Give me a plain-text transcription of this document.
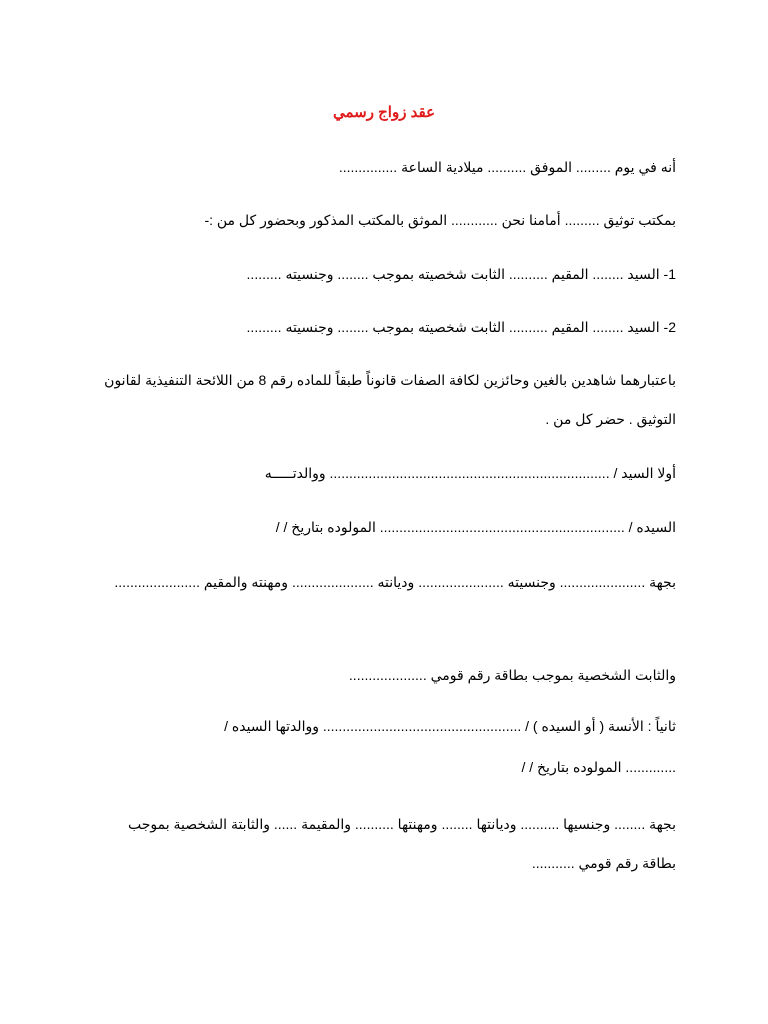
عقد زواج رسمي
أنه في يوم ......... الموفق .......... ميلادية الساعة ...............
بمكتب توثيق ......... أمامنا نحن ............ الموثق بالمكتب المذكور وبحضور كل من :-
1- السيد ........ المقيم .......... الثابت شخصيته بموجب ........ وجنسيته .........
2- السيد ........ المقيم .......... الثابت شخصيته بموجب ........ وجنسيته .........
باعتبارهما شاهدين بالغين وحائزين لكافة الصفات قانوناً طبقاً للماده رقم 8 من اللائحة التنفيذية لقانون التوثيق . حضر كل من .
أولا السيد / ........................................................................ ووالدتـــــه
السيده / ............................................................... المولوده بتاريخ / /
بجهة ...................... وجنسيته ...................... وديانته ..................... ومهنته والمقيم ......................
والثابت الشخصية بموجب بطاقة رقم قومي ....................
ثانياً : الأنسة ( أو السيده ) / ................................................... ووالدتها السيده /
............. المولوده بتاريخ / /
بجهة ........ وجنسيها .......... وديانتها ........ ومهنتها .......... والمقيمة ...... والثابتة الشخصية بموجب بطاقة رقم قومي ...........
